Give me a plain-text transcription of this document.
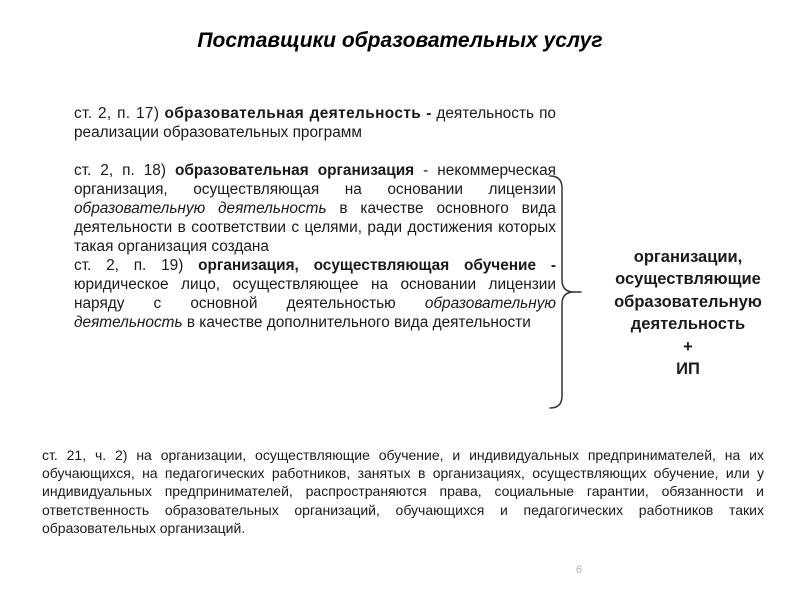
Поставщики образовательных услуг

ст. 2, п. 17) образовательная деятельность - деятельность по реализации образовательных программ

ст. 2, п. 18) образовательная организация - некоммерческая организация, осуществляющая на основании лицензии образовательную деятельность в качестве основного вида деятельности в соответствии с целями, ради достижения которых такая организация создана

ст. 2, п. 19) организация, осуществляющая обучение - юридическое лицо, осуществляющее на основании лицензии наряду с основной деятельностью образовательную деятельность в качестве дополнительного вида деятельности

организации,
осуществляющие
образовательную
деятельность
+
ИП
ст. 21, ч. 2) на организации, осуществляющие обучение, и индивидуальных предпринимателей, на их обучающихся, на педагогических работников, занятых в организациях, осуществляющих обучение, или у индивидуальных предпринимателей, распространяются права, социальные гарантии, обязанности и ответственность образовательных организаций, обучающихся и педагогических работников таких образовательных организаций.
6
